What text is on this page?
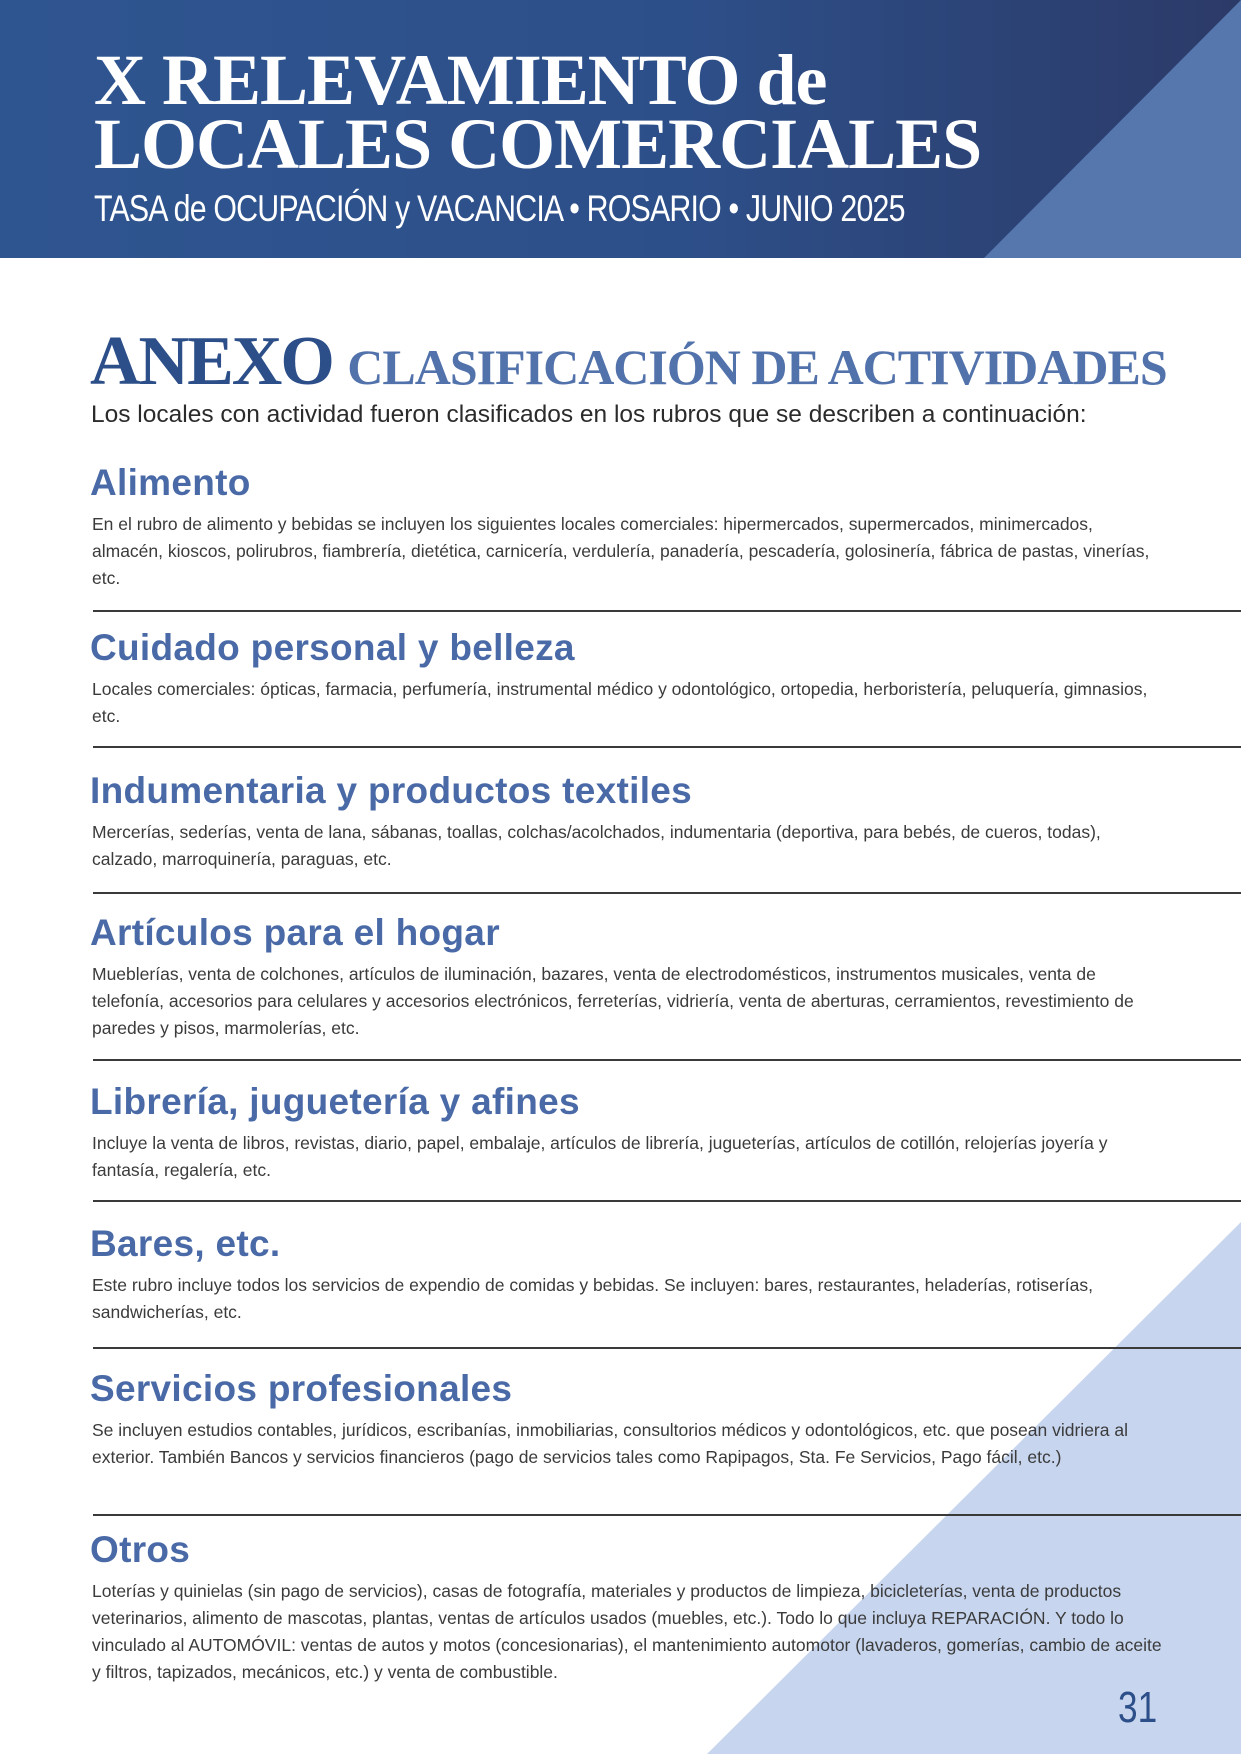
X RELEVAMIENTO de
LOCALES COMERCIALES
TASA de OCUPACIÓN y VACANCIA • ROSARIO • JUNIO 2025
ANEXO CLASIFICACIÓN DE ACTIVIDADES

Los locales con actividad fueron clasificados en los rubros que se describen a continuación:

Alimento

En el rubro de alimento y bebidas se incluyen los siguientes locales comerciales: hipermercados, supermercados, minimercados, almacén, kioscos, polirubros, fiambrería, dietética, carnicería, verdulería, panadería, pescadería, golosinería, fábrica de pastas, vinerías, etc.

Cuidado personal y belleza

Locales comerciales: ópticas, farmacia, perfumería, instrumental médico y odontológico, ortopedia, herboristería, peluquería, gimnasios, etc.

Indumentaria y productos textiles

Mercerías, sederías, venta de lana, sábanas, toallas, colchas/acolchados, indumentaria (deportiva, para bebés, de cueros, todas), calzado, marroquinería, paraguas, etc.

Artículos para el hogar

Mueblerías, venta de colchones, artículos de iluminación, bazares, venta de electrodomésticos, instrumentos musicales, venta de telefonía, accesorios para celulares y accesorios electrónicos, ferreterías, vidriería, venta de aberturas, cerramientos, revestimiento de paredes y pisos, marmolerías, etc.

Librería, juguetería y afines

Incluye la venta de libros, revistas, diario, papel, embalaje, artículos de librería, jugueterías, artículos de cotillón, relojerías joyería y fantasía, regalería, etc.

Bares, etc.

Este rubro incluye todos los servicios de expendio de comidas y bebidas. Se incluyen: bares, restaurantes, heladerías, rotiserías, sandwicherías, etc.

Servicios profesionales

Se incluyen estudios contables, jurídicos, escribanías, inmobiliarias, consultorios médicos y odontológicos, etc. que posean vidriera al exterior. También Bancos y servicios financieros (pago de servicios tales como Rapipagos, Sta. Fe Servicios, Pago fácil, etc.)

Otros

Loterías y quinielas (sin pago de servicios), casas de fotografía, materiales y productos de limpieza, bicicleterías, venta de productos veterinarios, alimento de mascotas, plantas, ventas de artículos usados (muebles, etc.). Todo lo que incluya REPARACIÓN. Y todo lo vinculado al AUTOMÓVIL: ventas de autos y motos (concesionarias), el mantenimiento automotor (lavaderos, gomerías, cambio de aceite y filtros, tapizados, mecánicos, etc.) y venta de combustible.

31
